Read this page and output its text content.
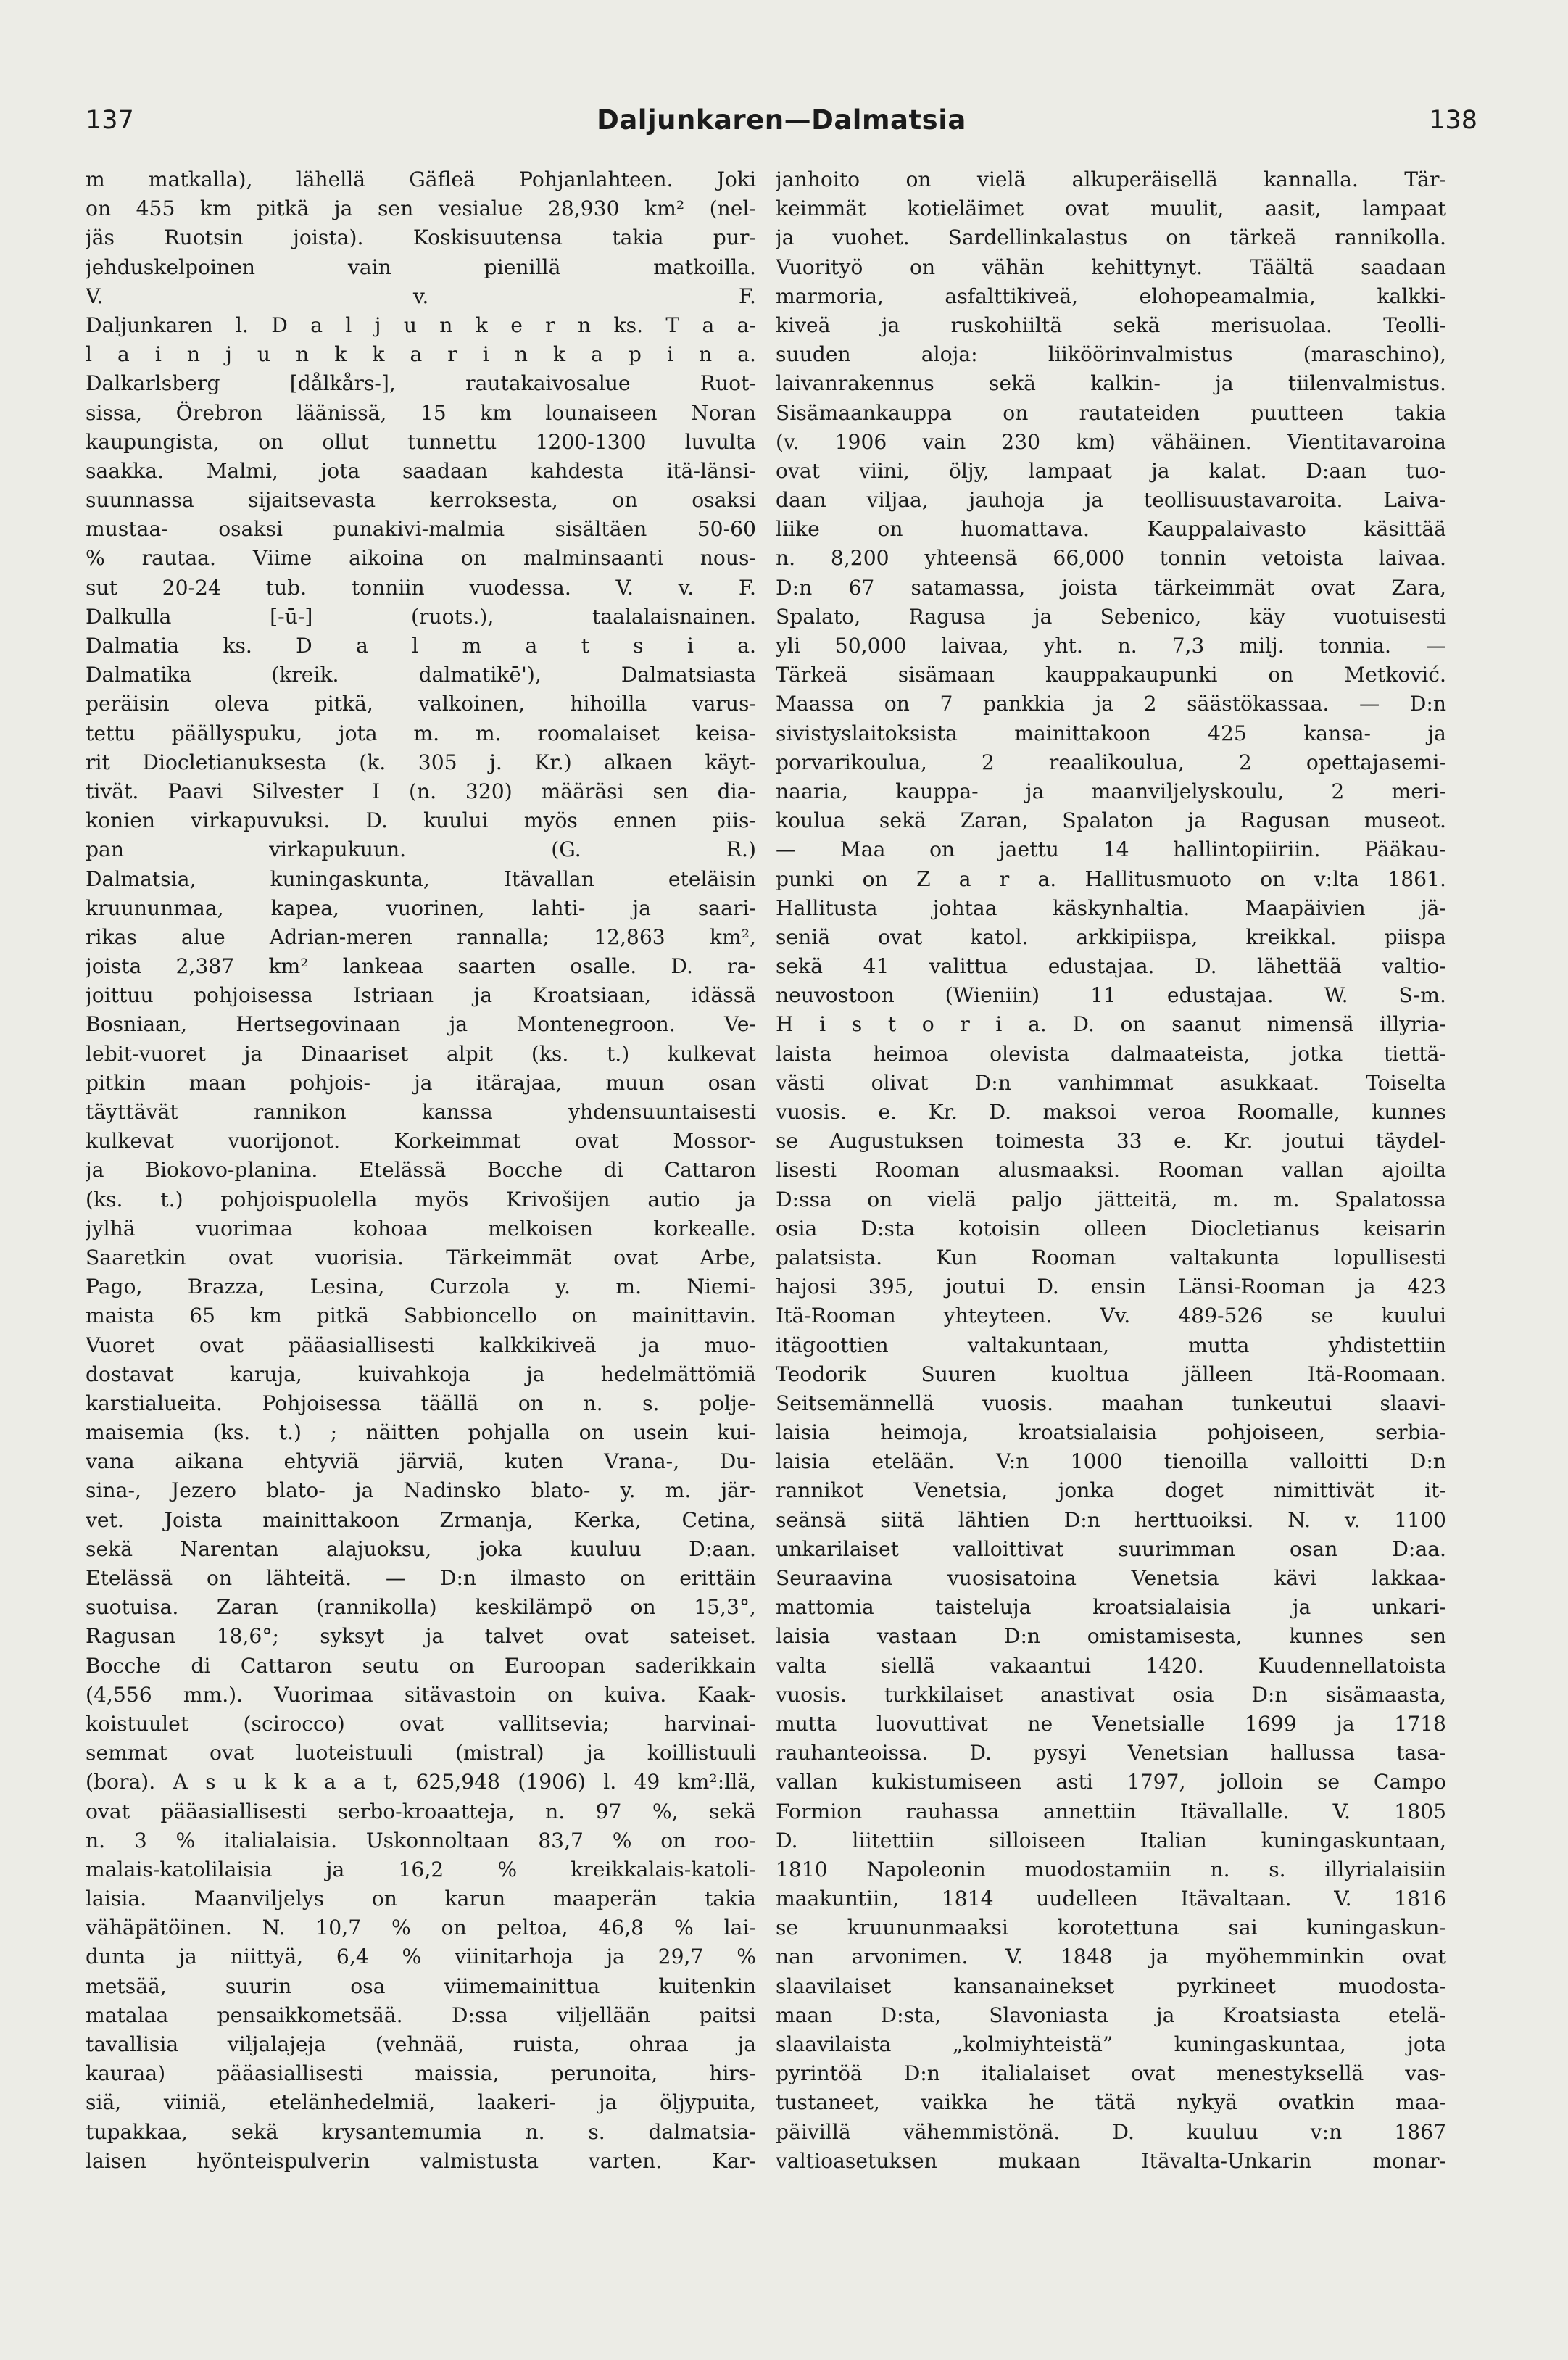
137	Daljunkaren—Dalmatsia	138
m matkalla), lähellä Gäfleä Pohjanlahteen. Joki
on 455 km pitkä ja sen vesialue 28,930 km² (nel-
jäs Ruotsin joista). Koskisuutensa takia pur-
jehduskelpoinen vain pienillä matkoilla.
V. v. F.
Daljunkaren l. D a l j u n k e r n ks. T a a-
l a i n j u n k k a r i n k a p i n a.
Dalkarlsberg [dålkårs-], rautakaivosalue Ruot-
sissa, Örebron läänissä, 15 km lounaiseen Noran
kaupungista, on ollut tunnettu 1200-1300 luvulta
saakka. Malmi, jota saadaan kahdesta itä-länsi-
suunnassa sijaitsevasta kerroksesta, on osaksi
mustaa- osaksi punakivi-malmia sisältäen 50-60
% rautaa. Viime aikoina on malminsaanti nous-
sut 20-24 tub. tonniin vuodessa. V. v. F.
Dalkulla [-ū-] (ruots.), taalalaisnainen.
Dalmatia ks. D a l m a t s i a.
Dalmatika (kreik. dalmatikē'), Dalmatsiasta
peräisin oleva pitkä, valkoinen, hihoilla varus-
tettu päällyspuku, jota m. m. roomalaiset keisa-
rit Diocletianuksesta (k. 305 j. Kr.) alkaen käyt-
tivät. Paavi Silvester I (n. 320) määräsi sen dia-
konien virkapuvuksi. D. kuului myös ennen piis-
pan virkapukuun. (G. R.)
Dalmatsia, kuningaskunta, Itävallan eteläisin
kruununmaa, kapea, vuorinen, lahti- ja saari-
rikas alue Adrian-meren rannalla; 12,863 km²,
joista 2,387 km² lankeaa saarten osalle. D. ra-
joittuu pohjoisessa Istriaan ja Kroatsiaan, idässä
Bosniaan, Hertsegovinaan ja Montenegroon. Ve-
lebit-vuoret ja Dinaariset alpit (ks. t.) kulkevat
pitkin maan pohjois- ja itärajaa, muun osan
täyttävät rannikon kanssa yhdensuuntaisesti
kulkevat vuorijonot. Korkeimmat ovat Mossor-
ja Biokovo-planina. Etelässä Bocche di Cattaron
(ks. t.) pohjoispuolella myös Krivošijen autio ja
jylhä vuorimaa kohoaa melkoisen korkealle.
Saaretkin ovat vuorisia. Tärkeimmät ovat Arbe,
Pago, Brazza, Lesina, Curzola y. m. Niemi-
maista 65 km pitkä Sabbioncello on mainittavin.
Vuoret ovat pääasiallisesti kalkkikiveä ja muo-
dostavat karuja, kuivahkoja ja hedelmättömiä
karstialueita. Pohjoisessa täällä on n. s. polje-
maisemia (ks. t.) ; näitten pohjalla on usein kui-
vana aikana ehtyviä järviä, kuten Vrana-, Du-
sina-, Jezero blato- ja Nadinsko blato- y. m. jär-
vet. Joista mainittakoon Zrmanja, Kerka, Cetina,
sekä Narentan alajuoksu, joka kuuluu D:aan.
Etelässä on lähteitä. — D:n ilmasto on erittäin
suotuisa. Zaran (rannikolla) keskilämpö on 15,3°,
Ragusan 18,6°; syksyt ja talvet ovat sateiset.
Bocche di Cattaron seutu on Euroopan saderikkain
(4,556 mm.). Vuorimaa sitävastoin on kuiva. Kaak-
koistuulet (scirocco) ovat vallitsevia; harvinai-
semmat ovat luoteistuuli (mistral) ja koillistuuli
(bora). A s u k k a a t, 625,948 (1906) l. 49 km²:llä,
ovat pääasiallisesti serbo-kroaatteja, n. 97 %, sekä
n. 3 % italialaisia. Uskonnoltaan 83,7 % on roo-
malais-katolilaisia ja 16,2 % kreikkalais-katoli-
laisia. Maanviljelys on karun maaperän takia
vähäpätöinen. N. 10,7 % on peltoa, 46,8 % lai-
dunta ja niittyä, 6,4 % viinitarhoja ja 29,7 %
metsää, suurin osa viimemainittua kuitenkin
matalaa pensaikkometsää. D:ssa viljellään paitsi
tavallisia viljalajeja (vehnää, ruista, ohraa ja
kauraa) pääasiallisesti maissia, perunoita, hirs-
siä, viiniä, etelänhedelmiä, laakeri- ja öljypuita,
tupakkaa, sekä krysantemumia n. s. dalmatsia-
laisen hyönteispulverin valmistusta varten. Kar-
janhoito on vielä alkuperäisellä kannalla. Tär-
keimmät kotieläimet ovat muulit, aasit, lampaat
ja vuohet. Sardellinkalastus on tärkeä rannikolla.
Vuorityö on vähän kehittynyt. Täältä saadaan
marmoria, asfalttikiveä, elohopeamalmia, kalkki-
kiveä ja ruskohiiltä sekä merisuolaa. Teolli-
suuden aloja: liiköörinvalmistus (maraschino),
laivanrakennus sekä kalkin- ja tiilenvalmistus.
Sisämaankauppa on rautateiden puutteen takia
(v. 1906 vain 230 km) vähäinen. Vientitavaroina
ovat viini, öljy, lampaat ja kalat. D:aan tuo-
daan viljaa, jauhoja ja teollisuustavaroita. Laiva-
liike on huomattava. Kauppalaivasto käsittää
n. 8,200 yhteensä 66,000 tonnin vetoista laivaa.
D:n 67 satamassa, joista tärkeimmät ovat Zara,
Spalato, Ragusa ja Sebenico, käy vuotuisesti
yli 50,000 laivaa, yht. n. 7,3 milj. tonnia. —
Tärkeä sisämaan kauppakaupunki on Metković.
Maassa on 7 pankkia ja 2 säästökassaa. — D:n
sivistyslaitoksista mainittakoon 425 kansa- ja
porvarikoulua, 2 reaalikoulua, 2 opettajasemi-
naaria, kauppa- ja maanviljelyskoulu, 2 meri-
koulua sekä Zaran, Spalaton ja Ragusan museot.
— Maa on jaettu 14 hallintopiiriin. Pääkau-
punki on Z a r a. Hallitusmuoto on v:lta 1861.
Hallitusta johtaa käskynhaltia. Maapäivien jä-
seniä ovat katol. arkkipiispa, kreikkal. piispa
sekä 41 valittua edustajaa. D. lähettää valtio-
neuvostoon (Wieniin) 11 edustajaa. W. S-m.
H i s t o r i a. D. on saanut nimensä illyria-
laista heimoa olevista dalmaateista, jotka tiettä-
västi olivat D:n vanhimmat asukkaat. Toiselta
vuosis. e. Kr. D. maksoi veroa Roomalle, kunnes
se Augustuksen toimesta 33 e. Kr. joutui täydel-
lisesti Rooman alusmaaksi. Rooman vallan ajoilta
D:ssa on vielä paljo jätteitä, m. m. Spalatossa
osia D:sta kotoisin olleen Diocletianus keisarin
palatsista. Kun Rooman valtakunta lopullisesti
hajosi 395, joutui D. ensin Länsi-Rooman ja 423
Itä-Rooman yhteyteen. Vv. 489-526 se kuului
itägoottien valtakuntaan, mutta yhdistettiin
Teodorik Suuren kuoltua jälleen Itä-Roomaan.
Seitsemännellä vuosis. maahan tunkeutui slaavi-
laisia heimoja, kroatsialaisia pohjoiseen, serbia-
laisia etelään. V:n 1000 tienoilla valloitti D:n
rannikot Venetsia, jonka doget nimittivät it-
seänsä siitä lähtien D:n herttuoiksi. N. v. 1100
unkarilaiset valloittivat suurimman osan D:aa.
Seuraavina vuosisatoina Venetsia kävi lakkaa-
mattomia taisteluja kroatsialaisia ja unkari-
laisia vastaan D:n omistamisesta, kunnes sen
valta siellä vakaantui 1420. Kuudennellatoista
vuosis. turkkilaiset anastivat osia D:n sisämaasta,
mutta luovuttivat ne Venetsialle 1699 ja 1718
rauhanteoissa. D. pysyi Venetsian hallussa tasa-
vallan kukistumiseen asti 1797, jolloin se Campo
Formion rauhassa annettiin Itävallalle. V. 1805
D. liitettiin silloiseen Italian kuningaskuntaan,
1810 Napoleonin muodostamiin n. s. illyrialaisiin
maakuntiin, 1814 uudelleen Itävaltaan. V. 1816
se kruununmaaksi korotettuna sai kuningaskun-
nan arvonimen. V. 1848 ja myöhemminkin ovat
slaavilaiset kansanainekset pyrkineet muodosta-
maan D:sta, Slavoniasta ja Kroatsiasta etelä-
slaavilaista „kolmiyhteistä” kuningaskuntaa, jota
pyrintöä D:n italialaiset ovat menestyksellä vas-
tustaneet, vaikka he tätä nykyä ovatkin maa-
päivillä vähemmistönä. D. kuuluu v:n 1867
valtioasetuksen mukaan Itävalta-Unkarin monar-
